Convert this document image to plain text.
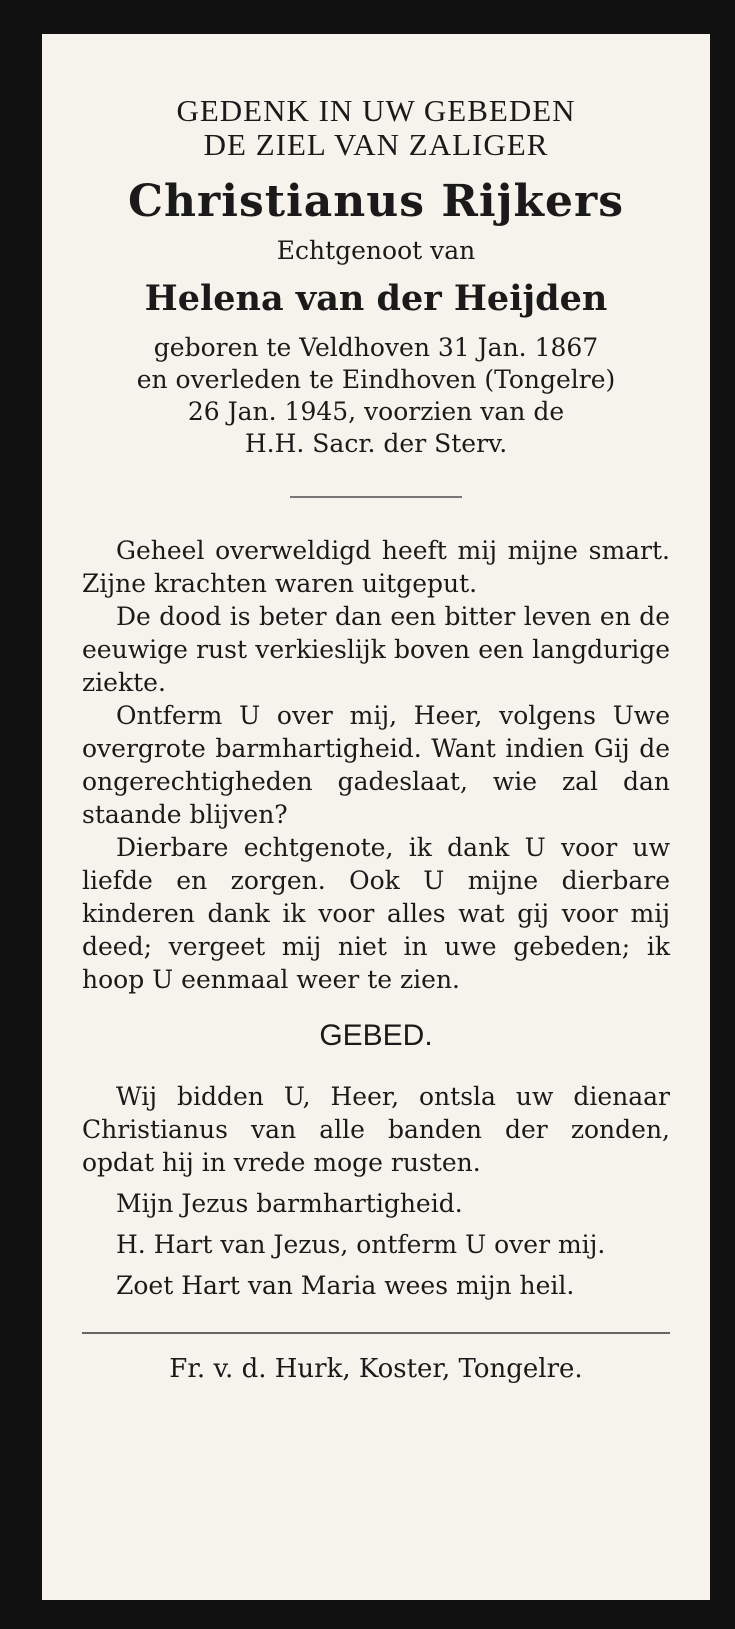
GEDENK IN UW GEBEDEN
DE ZIEL VAN ZALIGER
Christianus Rijkers
Echtgenoot van
Helena van der Heijden
geboren te Veldhoven 31 Jan. 1867
en overleden te Eindhoven (Tongelre)
26 Jan. 1945, voorzien van de
H.H. Sacr. der Sterv.

Geheel overweldigd heeft mij mijne smart. Zijne krachten waren uitgeput.

De dood is beter dan een bitter leven en de eeuwige rust verkieslijk boven een langdurige ziekte.

Ontferm U over mij, Heer, volgens Uwe overgrote barmhartigheid. Want indien Gij de ongerechtigheden gadeslaat, wie zal dan staande blijven?

Dierbare echtgenote, ik dank U voor uw liefde en zorgen. Ook U mijne dierbare kinderen dank ik voor alles wat gij voor mij deed; vergeet mij niet in uwe gebeden; ik hoop U eenmaal weer te zien.

GEBED.

Wij bidden U, Heer, ontsla uw dienaar Christianus van alle banden der zonden, opdat hij in vrede moge rusten.

Mijn Jezus barmhartigheid.

H. Hart van Jezus, ontferm U over mij.

Zoet Hart van Maria wees mijn heil.

Fr. v. d. Hurk, Koster, Tongelre.
